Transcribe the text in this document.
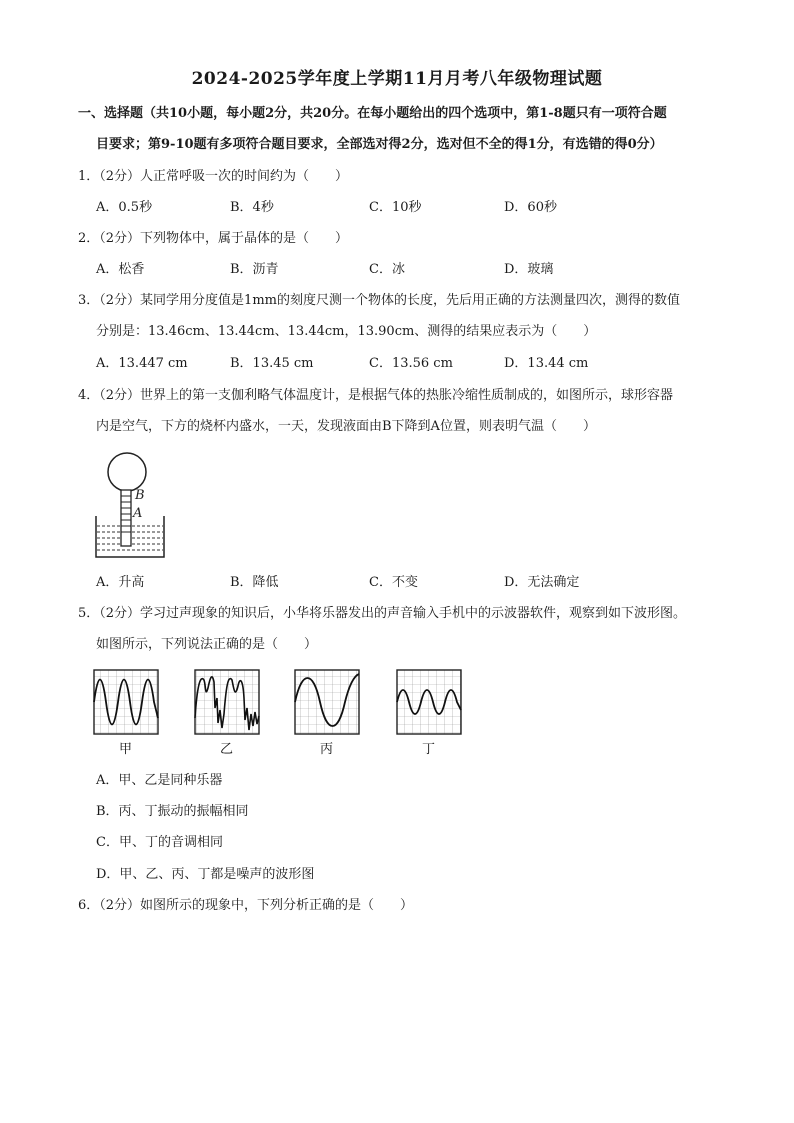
2024-2025学年度上学期11月月考八年级物理试题
一、选择题（共10小题，每小题2分，共20分。在每小题给出的四个选项中，第1-8题只有一项符合题
目要求；第9-10题有多项符合题目要求，全部选对得2分，选对但不全的得1分，有选错的得0分）
1．（2分）人正常呼吸一次的时间约为（　　）
A．0.5秒	B．4秒	C．10秒	D．60秒
2．（2分）下列物体中，属于晶体的是（　　）
A．松香	B．沥青	C．冰	D．玻璃
3．（2分）某同学用分度值是1mm的刻度尺测一个物体的长度，先后用正确的方法测量四次，测得的数值
分别是：13.46cm、13.44cm、13.44cm，13.90cm、测得的结果应表示为（　　）
A．13.447 cm	B．13.45 cm	C．13.56 cm	D．13.44 cm
4．（2分）世界上的第一支伽利略气体温度计，是根据气体的热胀冷缩性质制成的，如图所示，球形容器
内是空气，下方的烧杯内盛水，一天，发现液面由B下降到A位置，则表明气温（　　）
B
A
A．升高	B．降低	C．不变	D．无法确定
5．（2分）学习过声现象的知识后，小华将乐器发出的声音输入手机中的示波器软件，观察到如下波形图。
如图所示，下列说法正确的是（　　）
甲	乙	丙	丁
A．甲、乙是同种乐器
B．丙、丁振动的振幅相同
C．甲、丁的音调相同
D．甲、乙、丙、丁都是噪声的波形图
6．（2分）如图所示的现象中，下列分析正确的是（　　）
